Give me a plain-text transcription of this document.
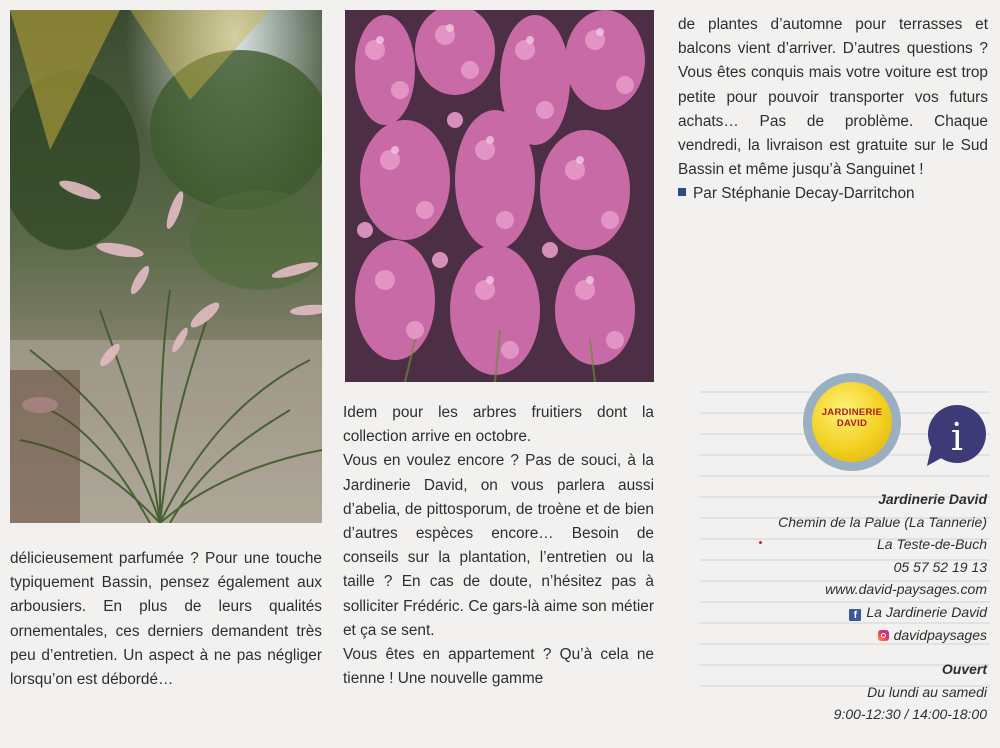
délicieusement parfumée ? Pour une touche typiquement Bassin, pensez également aux arbousiers. En plus de leurs qualités ornementales, ces derniers demandent très peu d’entretien. Un aspect à ne pas négliger lorsqu’on est débordé…

Idem pour les arbres fruitiers dont la collection arrive en octobre.

Vous en voulez encore ? Pas de souci, à la Jardinerie David, on vous parlera aussi d’abelia, de pittosporum, de troène et de bien d’autres espèces encore… Besoin de conseils sur la plantation, l’entretien ou la taille ? En cas de doute, n’hésitez pas à solliciter Frédéric. Ce gars-là aime son métier et ça se sent.

Vous êtes en appartement ? Qu’à cela ne tienne ! Une nouvelle gamme

de plantes d’automne pour terrasses et balcons vient d’arriver. D’autres questions ? Vous êtes conquis mais votre voiture est trop petite pour pouvoir transporter vos futurs achats… Pas de problème. Chaque vendredi, la livraison est gratuite sur le Sud Bassin et même jusqu’à Sanguinet !

Par Stéphanie Decay-Darritchon
JARDINERIE
DAVID	i
Jardinerie David
Chemin de la Palue (La Tannerie)
La Teste-de-Buch
05 57 52 19 13
www.david-paysages.com
f La Jardinerie David
davidpaysages
Ouvert
Du lundi au samedi
9:00-12:30 / 14:00-18:00
